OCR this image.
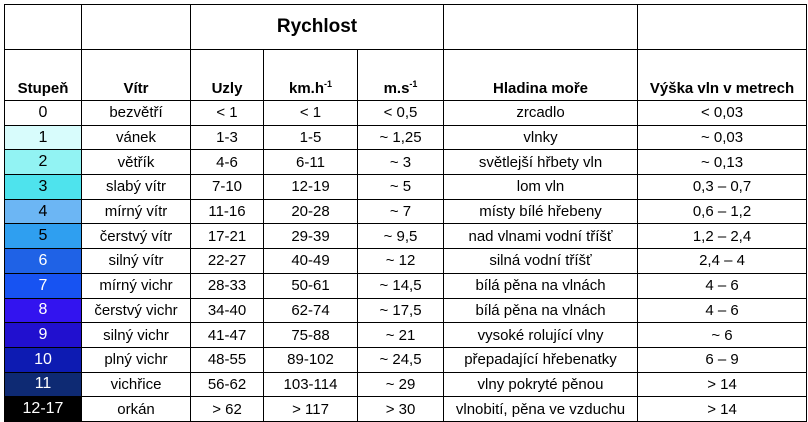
		Rychlost				
Stupeň	Vítr	Uzly	$km.h^{-1}$	$m.s^{-1}$	Hladina moře	Výška vln v metrech
0	bezvětří	< 1	< 1	< 0,5	zrcadlo	< 0,03
1	vánek	1-3	1-5	~ 1,25	vlnky	~ 0,03
2	větřík	4-6	6-11	~ 3	světlejší hřbety vln	~ 0,13
3	slabý vítr	7-10	12-19	~ 5	lom vln	0,3 – 0,7
4	mírný vítr	11-16	20-28	~ 7	místy bílé hřebeny	0,6 – 1,2
5	čerstvý vítr	17-21	29-39	~ 9,5	nad vlnami vodní tříšť	1,2 – 2,4
6	silný vítr	22-27	40-49	~ 12	silná vodní tříšť	2,4 – 4
7	mírný vichr	28-33	50-61	~ 14,5	bílá pěna na vlnách	4 – 6
8	čerstvý vichr	34-40	62-74	~ 17,5	bílá pěna na vlnách	4 – 6
9	silný vichr	41-47	75-88	~ 21	vysoké rolující vlny	~ 6
10	plný vichr	48-55	89-102	~ 24,5	přepadající hřebenatky	6 – 9
11	vichřice	56-62	103-114	~ 29	vlny pokryté pěnou	> 14
12-17	orkán	> 62	> 117	> 30	vlnobití, pěna ve vzduchu	> 14
